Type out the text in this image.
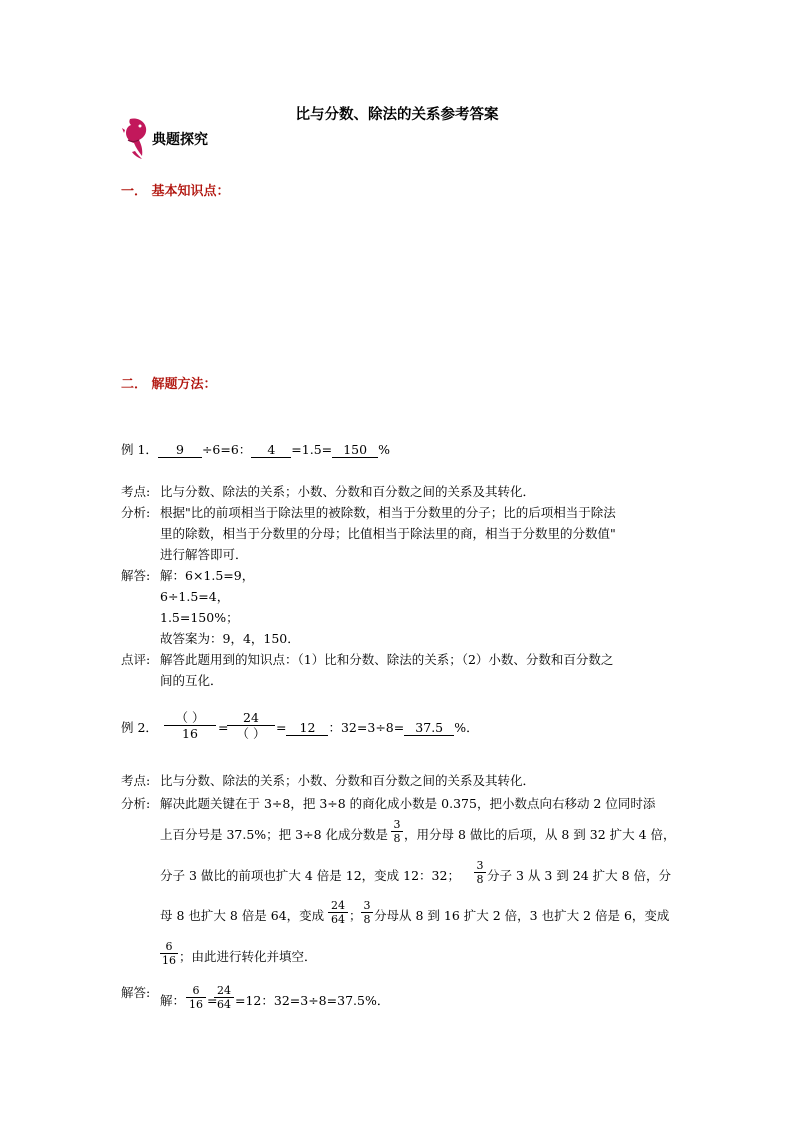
比与分数、除法的关系参考答案
典题探究
一． 基本知识点：
二． 解题方法：
例 1． 9 ÷6=6： 4 =1.5= 150 %
考点: 比与分数、除法的关系；小数、分数和百分数之间的关系及其转化．
分析: 根据"比的前项相当于除法里的被除数，相当于分数里的分子；比的后项相当于除法
里的除数，相当于分数里的分母；比值相当于除法里的商，相当于分数里的分数值"
进行解答即可．
解答: 解：6×1.5=9，
6÷1.5=4，
1.5=150%；
故答案为：9，4，150．
点评: 解答此题用到的知识点：（1）比和分数、除法的关系；（2）小数、分数和百分数之
间的互化．
例 2．
（ ）
16	=
24
（ ） = 12 ：32=3÷8= 37.5 %．
考点: 比与分数、除法的关系；小数、分数和百分数之间的关系及其转化．
分析: 解决此题关键在于 3÷8，把 3÷8 的商化成小数是 0.375，把小数点向右移动 2 位同时添
上百分号是 37.5%；把 3÷8 化成分数是 $\frac{3}{8}$ ，用分母 8 做比的后项，从 8 到 32 扩大 4 倍，
分子 3 做比的前项也扩大 4 倍是 12，变成 12：32； $\frac{3}{8}$ 分子 3 从 3 到 24 扩大 8 倍，分
母 8 也扩大 8 倍是 64，变成 $\frac{24}{64}$ ； $\frac{3}{8}$ 分母从 8 到 16 扩大 2 倍，3 也扩大 2 倍是 6，变成
$\frac{6}{16}$ ；由此进行转化并填空．
解答:
解： $\frac{6}{16}$ =
$\frac{24}{64} =12$：32=3÷8=37.5%．
